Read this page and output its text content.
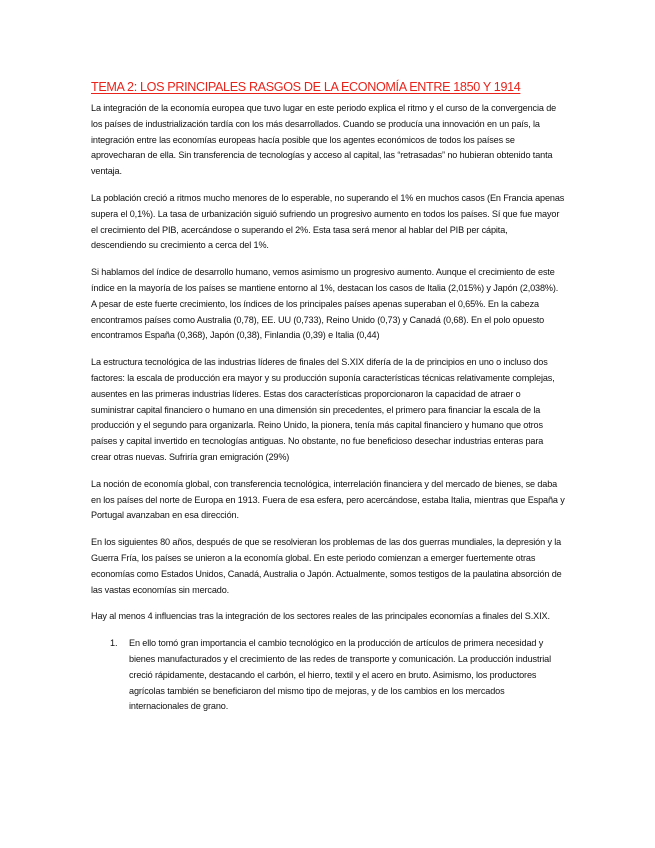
TEMA 2: LOS PRINCIPALES RASGOS DE LA ECONOMÍA ENTRE 1850 Y 1914

La integración de la economía europea que tuvo lugar en este periodo explica el ritmo y el curso de la convergencia de los países de industrialización tardía con los más desarrollados. Cuando se producía una innovación en un país, la integración entre las economías europeas hacía posible que los agentes económicos de todos los países se aprovecharan de ella. Sin transferencia de tecnologías y acceso al capital, las “retrasadas” no hubieran obtenido tanta ventaja.

La población creció a ritmos mucho menores de lo esperable, no superando el 1% en muchos casos (En Francia apenas supera el 0,1%). La tasa de urbanización siguió sufriendo un progresivo aumento en todos los países. Sí que fue mayor el crecimiento del PIB, acercándose o superando el 2%. Esta tasa será menor al hablar del PIB per cápita, descendiendo su crecimiento a cerca del 1%.

Si hablamos del índice de desarrollo humano, vemos asimismo un progresivo aumento. Aunque el crecimiento de este índice en la mayoría de los países se mantiene entorno al 1%, destacan los casos de Italia (2,015%) y Japón (2,038%). A pesar de este fuerte crecimiento, los índices de los principales países apenas superaban el 0,65%. En la cabeza encontramos países como Australia (0,78), EE. UU (0,733), Reino Unido (0,73) y Canadá (0,68). En el polo opuesto encontramos España (0,368), Japón (0,38), Finlandia (0,39) e Italia (0,44)

La estructura tecnológica de las industrias líderes de finales del S.XIX difería de la de principios en uno o incluso dos factores: la escala de producción era mayor y su producción suponía características técnicas relativamente complejas, ausentes en las primeras industrias líderes. Estas dos características proporcionaron la capacidad de atraer o suministrar capital financiero o humano en una dimensión sin precedentes, el primero para financiar la escala de la producción y el segundo para organizarla. Reino Unido, la pionera, tenía más capital financiero y humano que otros países y capital invertido en tecnologías antiguas. No obstante, no fue beneficioso desechar industrias enteras para crear otras nuevas. Sufriría gran emigración (29%)

La noción de economía global, con transferencia tecnológica, interrelación financiera y del mercado de bienes, se daba en los países del norte de Europa en 1913. Fuera de esa esfera, pero acercándose, estaba Italia, mientras que España y Portugal avanzaban en esa dirección.

En los siguientes 80 años, después de que se resolvieran los problemas de las dos guerras mundiales, la depresión y la Guerra Fría, los países se unieron a la economía global. En este periodo comienzan a emerger fuertemente otras economías como Estados Unidos, Canadá, Australia o Japón. Actualmente, somos testigos de la paulatina absorción de las vastas economías sin mercado.

Hay al menos 4 influencias tras la integración de los sectores reales de las principales economías a finales del S.XIX.

1. En ello tomó gran importancia el cambio tecnológico en la producción de artículos de primera necesidad y bienes manufacturados y el crecimiento de las redes de transporte y comunicación. La producción industrial creció rápidamente, destacando el carbón, el hierro, textil y el acero en bruto. Asimismo, los productores agrícolas también se beneficiaron del mismo tipo de mejoras, y de los cambios en los mercados internacionales de grano.
